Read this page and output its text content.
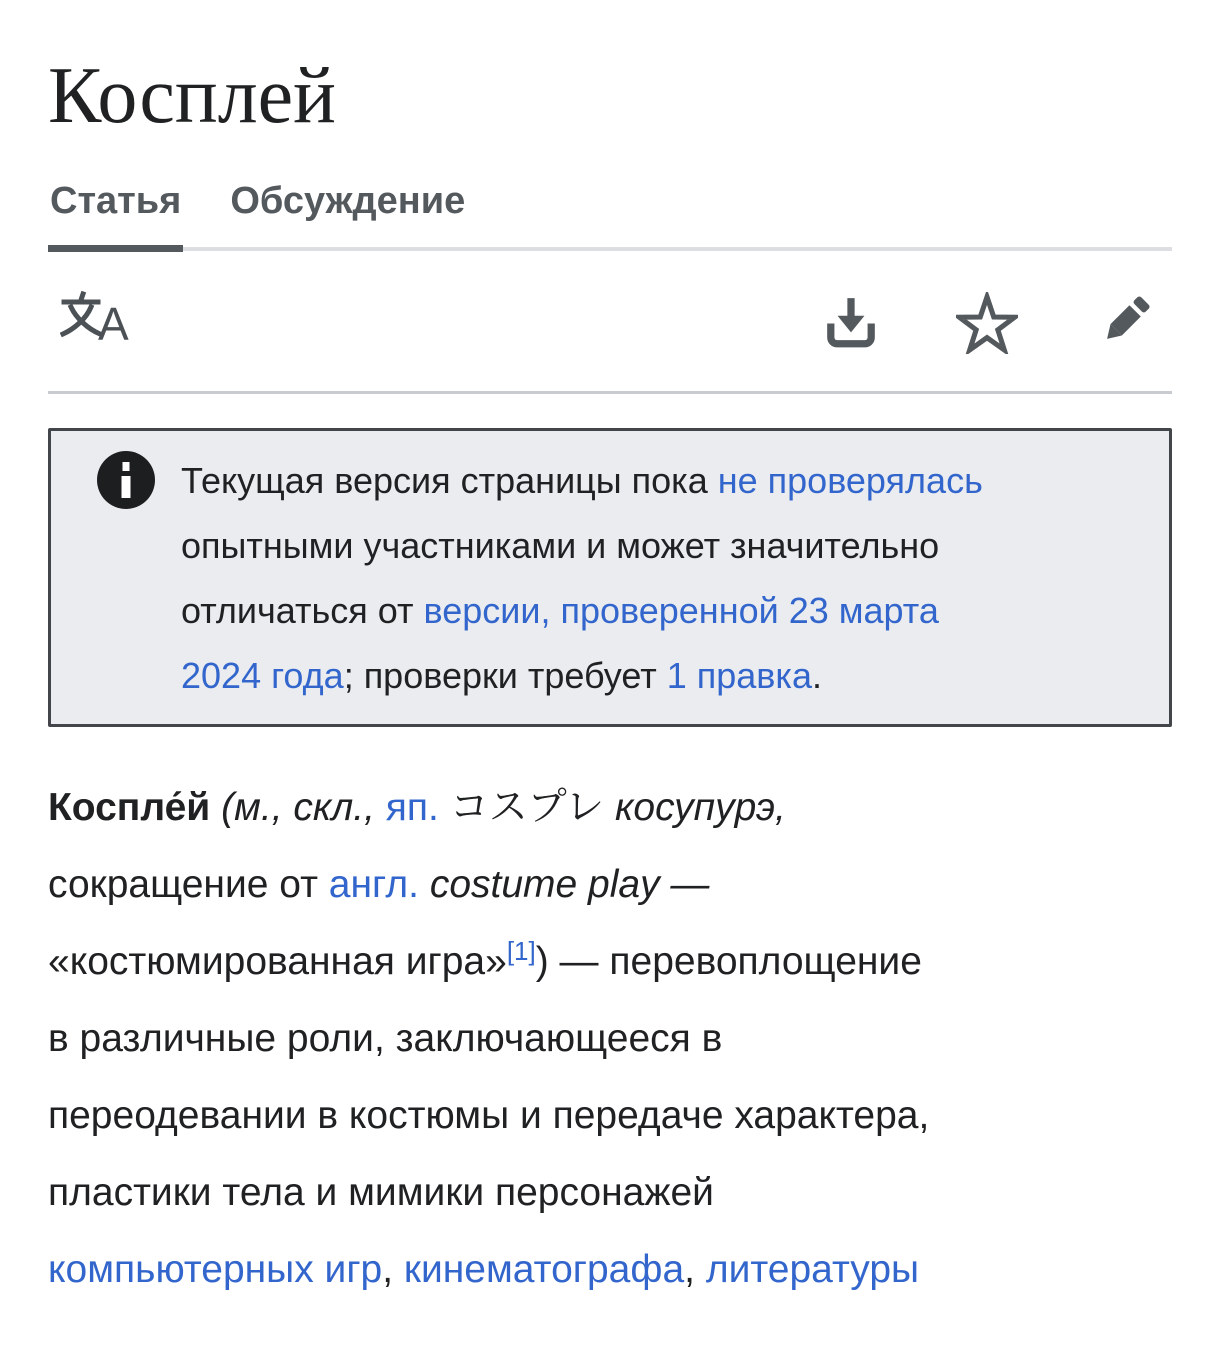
Косплей
Статья Обсуждение
A
Текущая версия страницы пока не проверялась
опытными участниками и может значительно
отличаться от версии, проверенной 23 марта
2024 года; проверки требует 1 правка.

Коспле́й (м., скл., яп. コスプレ косупурэ,
сокращение от англ. costume play —
«костюмированная игра»[1]) — перевоплощение
в различные роли, заключающееся в
переодевании в костюмы и передаче характера,
пластики тела и мимики персонажей
компьютерных игр, кинематографа, литературы
